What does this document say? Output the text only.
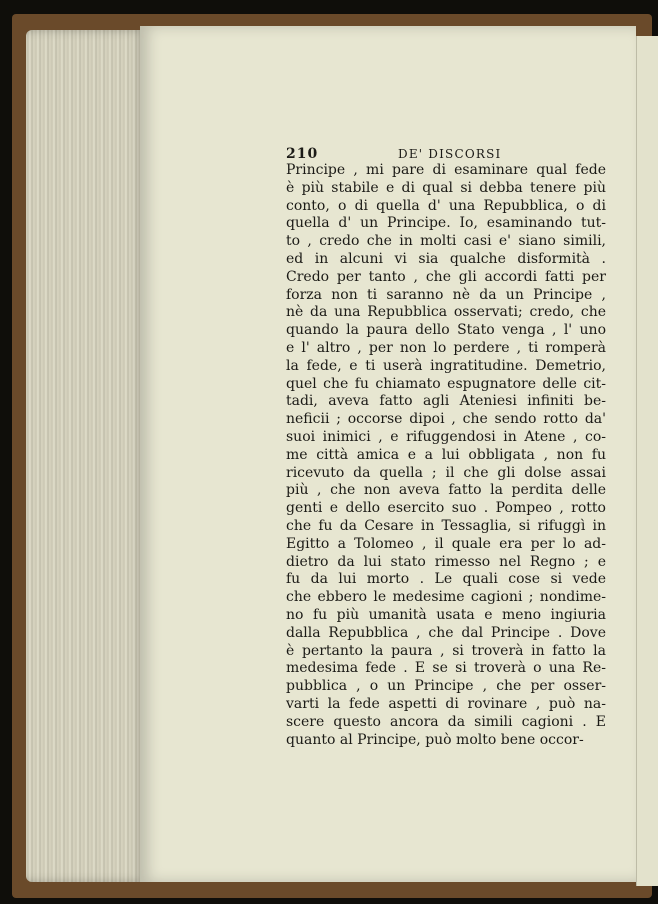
210	DE' DISCORSI
Principe , mi pare di esaminare qual fede
è più stabile e di qual si debba tenere più
conto, o di quella d' una Repubblica, o di
quella d' un Principe. Io, esaminando tut-
to , credo che in molti casi e' siano simili,
ed in alcuni vi sia qualche disformità .
Credo per tanto , che gli accordi fatti per
forza non ti saranno nè da un Principe ,
nè da una Repubblica osservati; credo, che
quando la paura dello Stato venga , l' uno
e l' altro , per non lo perdere , ti romperà
la fede, e ti userà ingratitudine. Demetrio,
quel che fu chiamato espugnatore delle cit-
tadi, aveva fatto agli Ateniesi infiniti be-
neficii ; occorse dipoi , che sendo rotto da'
suoi inimici , e rifuggendosi in Atene , co-
me città amica e a lui obbligata , non fu
ricevuto da quella ; il che gli dolse assai
più , che non aveva fatto la perdita delle
genti e dello esercito suo . Pompeo , rotto
che fu da Cesare in Tessaglia, si rifuggì in
Egitto a Tolomeo , il quale era per lo ad-
dietro da lui stato rimesso nel Regno ; e
fu da lui morto . Le quali cose si vede
che ebbero le medesime cagioni ; nondime-
no fu più umanità usata e meno ingiuria
dalla Repubblica , che dal Principe . Dove
è pertanto la paura , si troverà in fatto la
medesima fede . E se si troverà o una Re-
pubblica , o un Principe , che per osser-
varti la fede aspetti di rovinare , può na-
scere questo ancora da simili cagioni . E
quanto al Principe, può molto bene occor-
